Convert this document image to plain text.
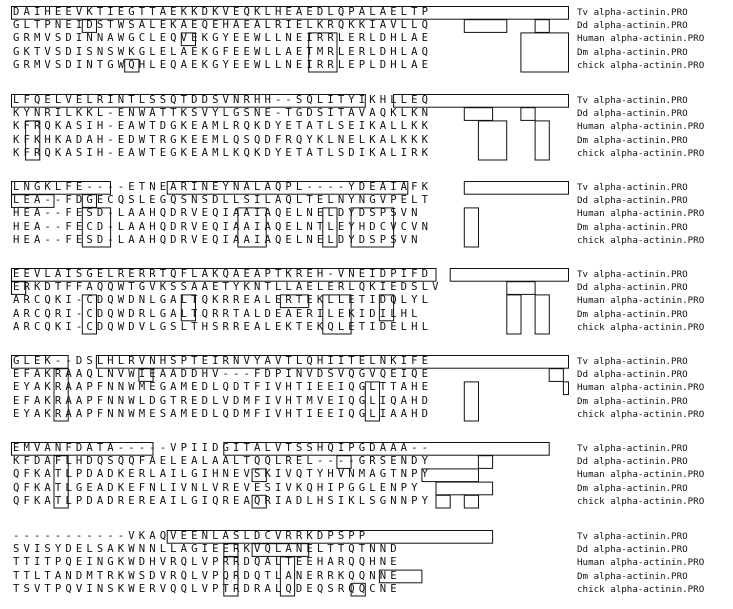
DAIHEEVKTIEGTTAEKKDKVEQKLHEAEDLQPALAELTP	Tv alpha-actinin.PRO
GLTPNEIDSTWSALEKAEQEHAEALRIELKRQKKIAVLLQ	Dd alpha-actinin.PRO
GRMVSDINNAWGCLEQVEKGYEEWLLNEIRRLERLDHLAE	Human alpha-actinin.PRO
GKTVSDISNSWKGLELAEKGFEEWLLAETMRLERLDHLAQ	Dm alpha-actinin.PRO
GRMVSDINTGWQHLEQAEKGYEEWLLNEIRRLEPLDHLAE	chick alpha-actinin.PRO
LFQELVELRINTLSSQTDDSVNRHH--SQLITYIKHLLEQ	Tv alpha-actinin.PRO
KYNRILKKL-ENWATTKSVYLGSNE-TGDSITAVAQKLKN	Dd alpha-actinin.PRO
KFRQKASIH-EAWTDGKEAMLRQKDYETATLSEIKALLKK	Human alpha-actinin.PRO
KFKHKADAH-EDWTRGKEEMLQSQDFRQYKLNELKALKKK	Dm alpha-actinin.PRO
KFRQKASIH-EAWTEGKEAMLKQKDYETATLSDIKALIRK	chick alpha-actinin.PRO
LNGKLFE----ETNEARINEYNALAQPL----YDEAIAFK	Tv alpha-actinin.PRO
LEA--FDGECQSLEGQSNSDLLSILAQLTELNYNGVPELT	Dd alpha-actinin.PRO
HEA--FESD-LAAHQDRVEQIAAIAQELNELDYDSPSVN	Human alpha-actinin.PRO
HEA--FECD-LAAHQDRVEQIAAIAQELNTLEYHDCVCVN	Dm alpha-actinin.PRO
HEA--FESD-LAAHQDRVEQIAAIAQELNELDYDSPSVN	chick alpha-actinin.PRO
EEVLAISGELRERRTQFLAKQAEAPTKREH-VNEIDPIFD	Tv alpha-actinin.PRO
ERKDTFFAQQWTGVKSSAAETYKNTLLAELERLQKIEDSLV	Dd alpha-actinin.PRO
ARCQKI-CDQWDNLGALTQKRREALERTEKLLETIDQLYL	Human alpha-actinin.PRO
ARCQRI-CDQWDRLGALTQRRTALDEAERILEKIDILHL	Dm alpha-actinin.PRO
ARCQKI-CDQWDVLGSLTHSRREALEKTEKQLETIDELHL	chick alpha-actinin.PRO
GLEK--DSLHLRVNHSPTEIRNVYAVTLQHIITELNKIFE	Tv alpha-actinin.PRO
EFAKRAAQLNVWIEAADDHV---FDPINVDSVQGVQEIQE	Dd alpha-actinin.PRO
EYAKRAAPFNNWMEGAMEDLQDTFIVHTIEEIQGLTTAHE	Human alpha-actinin.PRO
EFAKRAAPFNNWLDGTREDLVDMFIVHTMVEIQGLIQAHD	Dm alpha-actinin.PRO
EYAKRAAPFNNWMESAMEDLQDMFIVHTIEEIQGLIAAHD	chick alpha-actinin.PRO
EMVANFDATA-----VPIIDGITALVTSSHQIPGDAAA--	Tv alpha-actinin.PRO
KFDAFLHDQSQQFAELEALAALTQQLREL----GRSENDY	Dd alpha-actinin.PRO
QFKATLPDADKERLAILGIHNEVSKIVQTYHVNMAGTNPY	Human alpha-actinin.PRO
QFKATLGEADKEFNLIVNLVREVESIVKQHIPGGLENPY	Dm alpha-actinin.PRO
QFKATLPDADREREAILGIQREAQRIADLHSIKLSGNNPY	chick alpha-actinin.PRO
-----------VKAQVEENLASLDCVRRKDPSPP	Tv alpha-actinin.PRO
SVISYDELSAKWNNLLAGIEERKVQLANELTTQTNND	Dd alpha-actinin.PRO
TTITPQEINGKWDHVRQLVPRRDQALTEEHARQQHNE	Human alpha-actinin.PRO
TTLTANDMTRKWSDVRQLVPQRDQTLANERRKQQNNE	Dm alpha-actinin.PRO
TSVTPQVINSKWERVQQLVPTRDRALQDEQSRQQCNE	chick alpha-actinin.PRO
